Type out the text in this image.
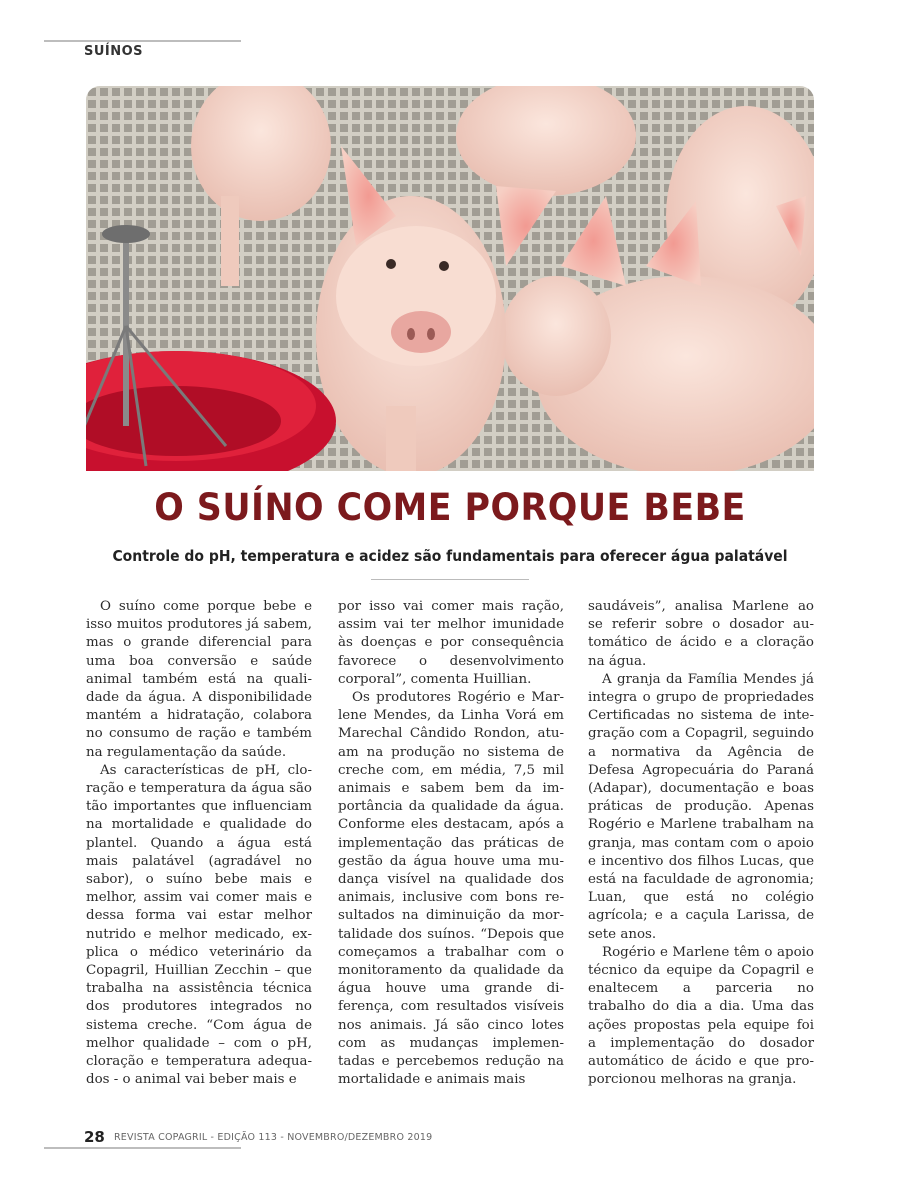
SUÍNOS
O SUÍNO COME PORQUE BEBE
Controle do pH, temperatura e acidez são fundamentais para oferecer água palatável

O suíno come porque bebe e isso muitos produtores já sabem, mas o grande diferencial para uma boa conversão e saúde animal também está na qualidade da água. A disponibilidade mantém a hidratação, colabora no consumo de ração e também na regulamentação da saúde.

As características de pH, cloração e temperatura da água são tão importantes que influenciam na mortalidade e qualidade do plantel. Quando a água está mais palatável (agradável no sabor), o suíno bebe mais e melhor, assim vai comer mais e dessa forma vai estar melhor nutrido e melhor medicado, explica o médico veterinário da Copagril, Huillian Zecchin – que trabalha na assistência técnica dos produtores integrados no sistema creche. “Com água de melhor qualidade – com o pH, cloração e temperatura adequados - o animal vai beber mais e

por isso vai comer mais ração, assim vai ter melhor imunidade às doenças e por consequência favorece o desenvolvimento corporal”, comenta Huillian.

Os produtores Rogério e Marlene Mendes, da Linha Vorá em Marechal Cândido Rondon, atuam na produção no sistema de creche com, em média, 7,5 mil animais e sabem bem da importância da qualidade da água. Conforme eles destacam, após a implementação das práticas de gestão da água houve uma mudança visível na qualidade dos animais, inclusive com bons resultados na diminuição da mortalidade dos suínos. “Depois que começamos a trabalhar com o monitoramento da qualidade da água houve uma grande diferença, com resultados visíveis nos animais. Já são cinco lotes com as mudanças implementadas e percebemos redução na mortalidade e animais mais

saudáveis”, analisa Marlene ao se referir sobre o dosador automático de ácido e a cloração na água.

A granja da Família Mendes já integra o grupo de propriedades Certificadas no sistema de integração com a Copagril, seguindo a normativa da Agência de Defesa Agropecuária do Paraná (Adapar), documentação e boas práticas de produção. Apenas Rogério e Marlene trabalham na granja, mas contam com o apoio e incentivo dos filhos Lucas, que está na faculdade de agronomia; Luan, que está no colégio agrícola; e a caçula Larissa, de sete anos.

Rogério e Marlene têm o apoio técnico da equipe da Copagril e enaltecem a parceria no trabalho do dia a dia. Uma das ações propostas pela equipe foi a implementação do dosador automático de ácido e que proporcionou melhoras na granja.

28 REVISTA COPAGRIL - EDIÇÃO 113 - NOVEMBRO/DEZEMBRO 2019
